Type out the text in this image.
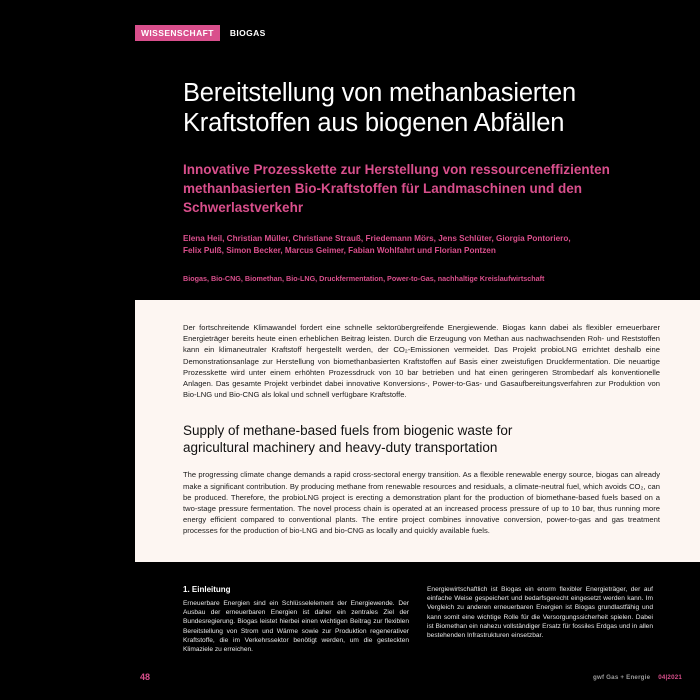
WISSENSCHAFT	BIOGAS
Bereitstellung von methanbasierten Kraftstoffen aus biogenen Abfällen

Innovative Prozesskette zur Herstellung von ressourceneffizienten methanbasierten Bio-Kraftstoffen für Landmaschinen und den Schwerlastverkehr

Elena Heil, Christian Müller, Christiane Strauß, Friedemann Mörs, Jens Schlüter, Giorgia Pontoriero, Felix Pulß, Simon Becker, Marcus Geimer, Fabian Wohlfahrt und Florian Pontzen

Biogas, Bio-CNG, Biomethan, Bio-LNG, Druckfermentation, Power-to-Gas, nachhaltige Kreislaufwirtschaft

Der fortschreitende Klimawandel fordert eine schnelle sektorübergreifende Energiewende. Biogas kann dabei als flexibler erneuerbarer Energieträger bereits heute einen erheblichen Beitrag leisten. Durch die Erzeugung von Methan aus nachwachsenden Roh- und Reststoffen kann ein klimaneutraler Kraftstoff hergestellt werden, der CO₂-Emissionen vermeidet. Das Projekt probioLNG errichtet deshalb eine Demonstrationsanlage zur Herstellung von biomethanbasierten Kraftstoffen auf Basis einer zweistufigen Druckfermentation. Die neuartige Prozesskette wird unter einem erhöhten Prozessdruck von 10 bar betrieben und hat einen geringeren Strombedarf als konventionelle Anlagen. Das gesamte Projekt verbindet dabei innovative Konversions-, Power-to-Gas- und Gasaufbereitungsverfahren zur Produktion von Bio-LNG und Bio-CNG als lokal und schnell verfügbare Kraftstoffe.

Supply of methane-based fuels from biogenic waste for agricultural machinery and heavy-duty transportation

The progressing climate change demands a rapid cross-sectoral energy transition. As a flexible renewable energy source, biogas can already make a significant contribution. By producing methane from renewable resources and residuals, a climate-neutral fuel, which avoids CO₂, can be produced. Therefore, the probioLNG project is erecting a demonstration plant for the production of biomethane-based fuels based on a two-stage pressure fermentation. The novel process chain is operated at an increased process pressure of up to 10 bar, thus running more energy efficient compared to conventional plants. The entire project combines innovative conversion, power-to-gas and gas treatment processes for the production of bio-LNG and bio-CNG as locally and quickly available fuels.

1. Einleitung

Erneuerbare Energien sind ein Schlüsselelement der Energiewende. Der Ausbau der erneuerbaren Energien ist daher ein zentrales Ziel der Bundesregierung. Biogas leistet hierbei einen wichtigen Beitrag zur flexiblen Bereitstellung von Strom und Wärme sowie zur Produktion regenerativer Kraftstoffe, die im Verkehrssektor benötigt werden, um die gesteckten Klimaziele zu erreichen.

Energiewirtschaftlich ist Biogas ein enorm flexibler Energieträger, der auf einfache Weise gespeichert und bedarfsgerecht eingesetzt werden kann. Im Vergleich zu anderen erneuerbaren Energien ist Biogas grundlastfähig und kann somit eine wichtige Rolle für die Versorgungssicherheit spielen. Dabei ist Biomethan ein nahezu vollständiger Ersatz für fossiles Erdgas und in allen bestehenden Infrastrukturen einsetzbar.

48	gwf Gas + Energie 04|2021
